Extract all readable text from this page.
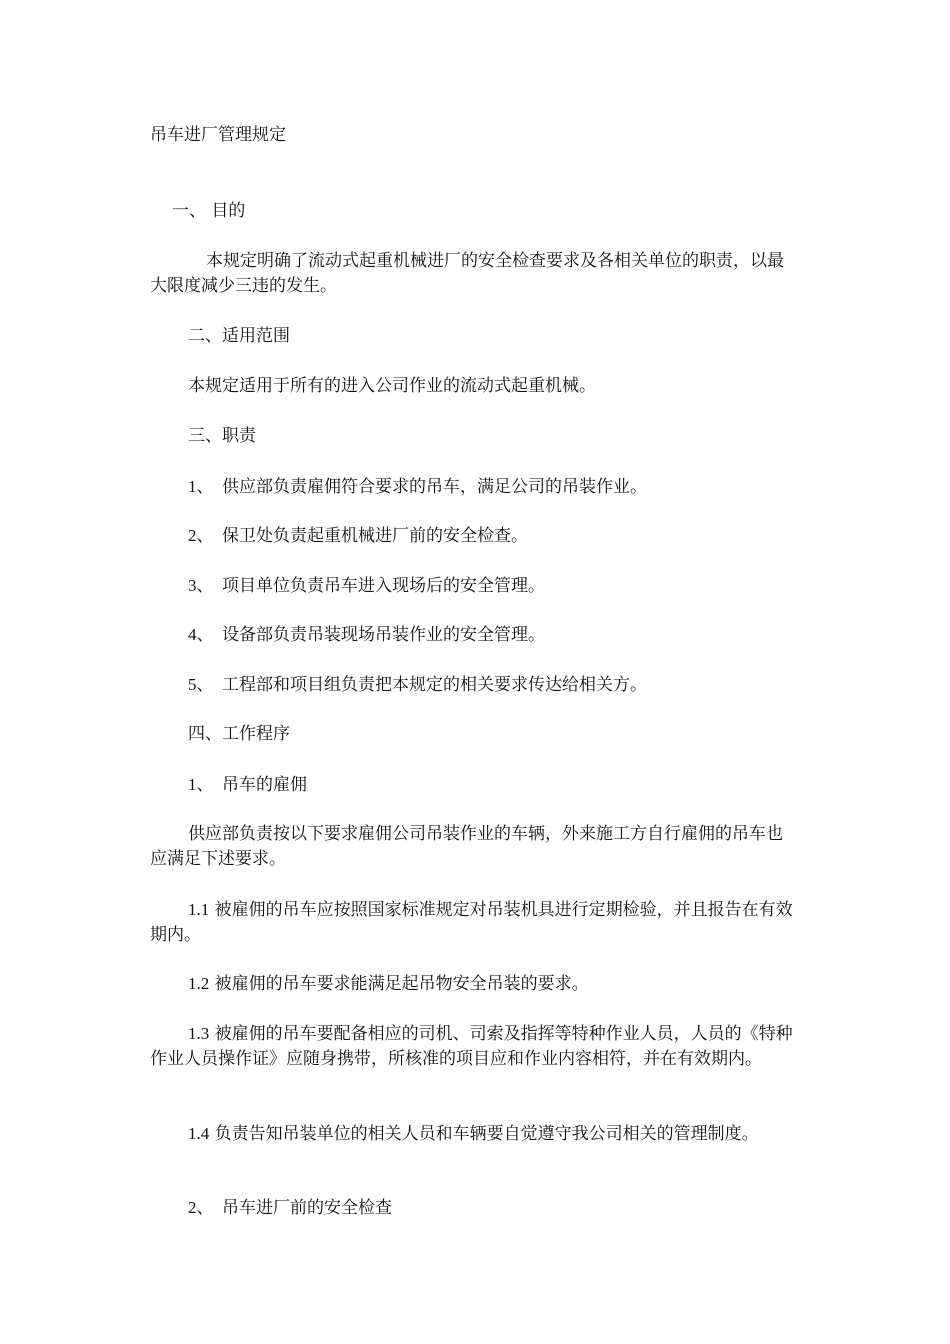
吊车进厂管理规定
一、 目的
本规定明确了流动式起重机械进厂的安全检查要求及各相关单位的职责，以最大限度减少三违的发生。
二、适用范围
本规定适用于所有的进入公司作业的流动式起重机械。
三、职责
1、 供应部负责雇佣符合要求的吊车，满足公司的吊装作业。
2、 保卫处负责起重机械进厂前的安全检查。
3、 项目单位负责吊车进入现场后的安全管理。
4、 设备部负责吊装现场吊装作业的安全管理。
5、 工程部和项目组负责把本规定的相关要求传达给相关方。
四、工作程序
1、 吊车的雇佣
供应部负责按以下要求雇佣公司吊装作业的车辆，外来施工方自行雇佣的吊车也应满足下述要求。
1.1 被雇佣的吊车应按照国家标准规定对吊装机具进行定期检验，并且报告在有效期内。
1.2 被雇佣的吊车要求能满足起吊物安全吊装的要求。
1.3 被雇佣的吊车要配备相应的司机、司索及指挥等特种作业人员，人员的《特种作业人员操作证》应随身携带，所核准的项目应和作业内容相符，并在有效期内。
1.4 负责告知吊装单位的相关人员和车辆要自觉遵守我公司相关的管理制度。
2、 吊车进厂前的安全检查
